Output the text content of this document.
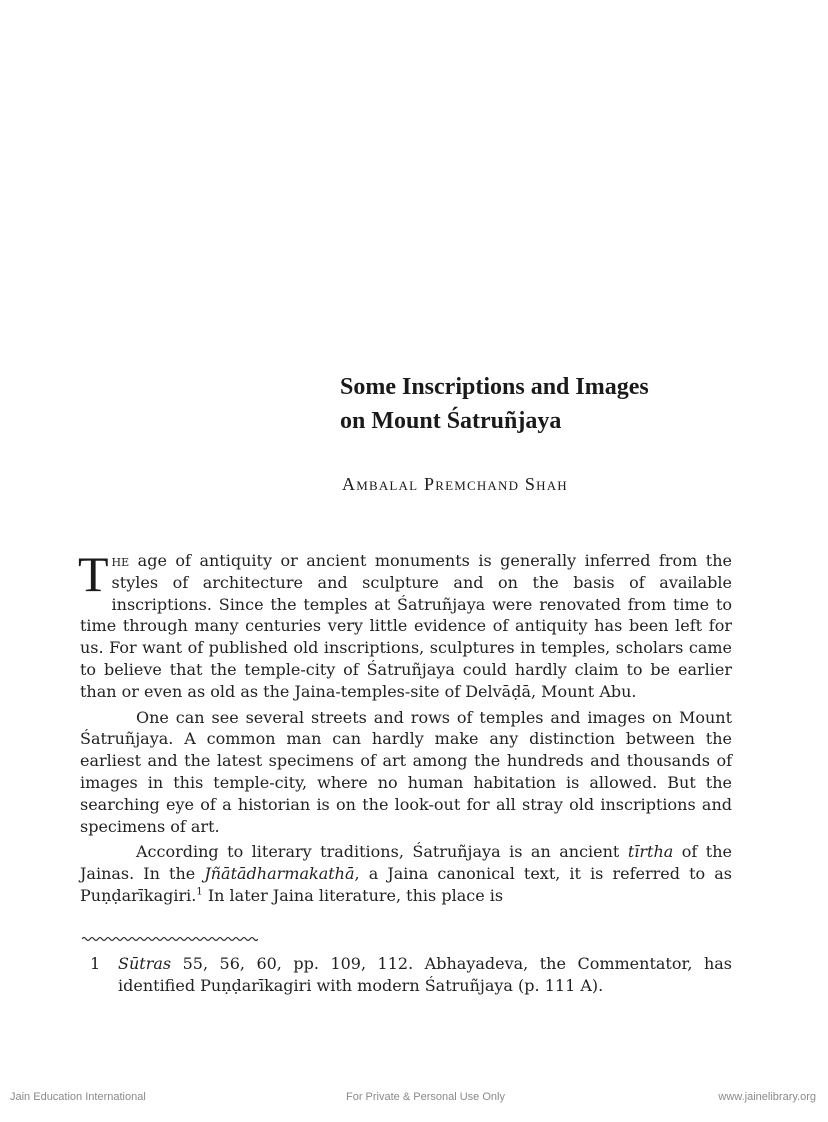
Some Inscriptions and Images
on Mount Śatruñjaya
Ambalal Premchand Shah

The age of antiquity or ancient monuments is generally inferred from the styles of architecture and sculpture and on the basis of available inscriptions. Since the temples at Śatruñjaya were renovated from time to time through many centuries very little evidence of antiquity has been left for us. For want of published old inscriptions, sculptures in temples, scholars came to believe that the temple-city of Śatruñjaya could hardly claim to be earlier than or even as old as the Jaina-temples-site of Delvāḍā, Mount Abu.

One can see several streets and rows of temples and images on Mount Śatruñjaya. A common man can hardly make any distinction between the earliest and the latest specimens of art among the hundreds and thousands of images in this temple-city, where no human habitation is allowed. But the searching eye of a historian is on the look-out for all stray old inscriptions and specimens of art.

According to literary traditions, Śatruñjaya is an ancient tīrtha of the Jainas. In the Jñātādharmakathā, a Jaina canonical text, it is referred to as Puṇḍarīkagiri.$^1$ In later Jaina literature, this place is

1 Sūtras 55, 56, 60, pp. 109, 112. Abhayadeva, the Commentator, has identified Puṇḍarīkagiri with modern Śatruñjaya (p. 111 A).

Jain Education International	For Private & Personal Use Only	www.jainelibrary.org
